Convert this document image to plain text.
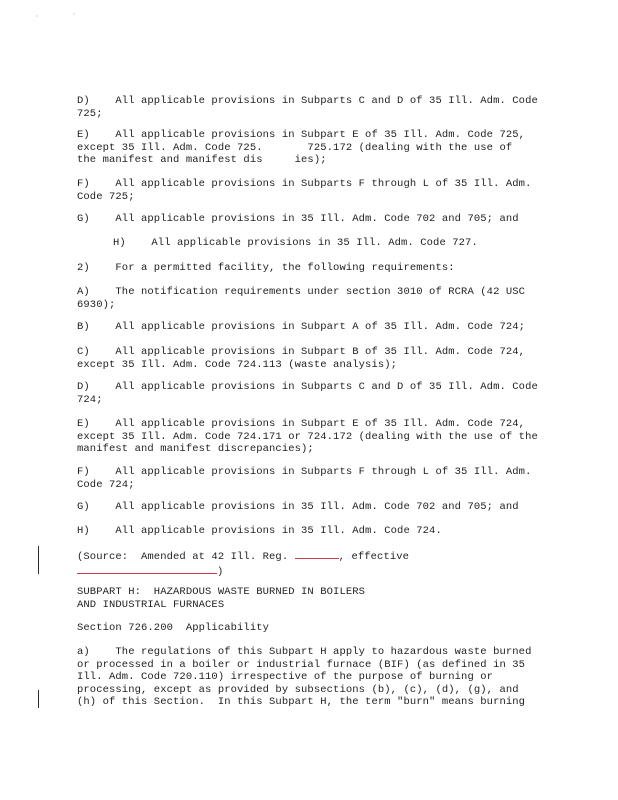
'	'
D)    All applicable provisions in Subparts C and D of 35 Ill. Adm. Code
725;
E)    All applicable provisions in Subpart E of 35 Ill. Adm. Code 725,
except 35 Ill. Adm. Code 725.       725.172 (dealing with the use of
the manifest and manifest dis     ies);
F)    All applicable provisions in Subparts F through L of 35 Ill. Adm.
Code 725;
G)    All applicable provisions in 35 Ill. Adm. Code 702 and 705; and
H)    All applicable provisions in 35 Ill. Adm. Code 727.
2)    For a permitted facility, the following requirements:
A)    The notification requirements under section 3010 of RCRA (42 USC
6930);
B)    All applicable provisions in Subpart A of 35 Ill. Adm. Code 724;
C)    All applicable provisions in Subpart B of 35 Ill. Adm. Code 724,
except 35 Ill. Adm. Code 724.113 (waste analysis);
D)    All applicable provisions in Subparts C and D of 35 Ill. Adm. Code
724;
E)    All applicable provisions in Subpart E of 35 Ill. Adm. Code 724,
except 35 Ill. Adm. Code 724.171 or 724.172 (dealing with the use of the
manifest and manifest discrepancies);
F)    All applicable provisions in Subparts F through L of 35 Ill. Adm.
Code 724;
G)    All applicable provisions in 35 Ill. Adm. Code 702 and 705; and
H)    All applicable provisions in 35 Ill. Adm. Code 724.
(Source:  Amended at 42 Ill. Reg.	, effective
)
SUBPART H:  HAZARDOUS WASTE BURNED IN BOILERS
AND INDUSTRIAL FURNACES
Section 726.200  Applicability
a)    The regulations of this Subpart H apply to hazardous waste burned
or processed in a boiler or industrial furnace (BIF) (as defined in 35
Ill. Adm. Code 720.110) irrespective of the purpose of burning or
processing, except as provided by subsections (b), (c), (d), (g), and
(h) of this Section.  In this Subpart H, the term "burn" means burning
